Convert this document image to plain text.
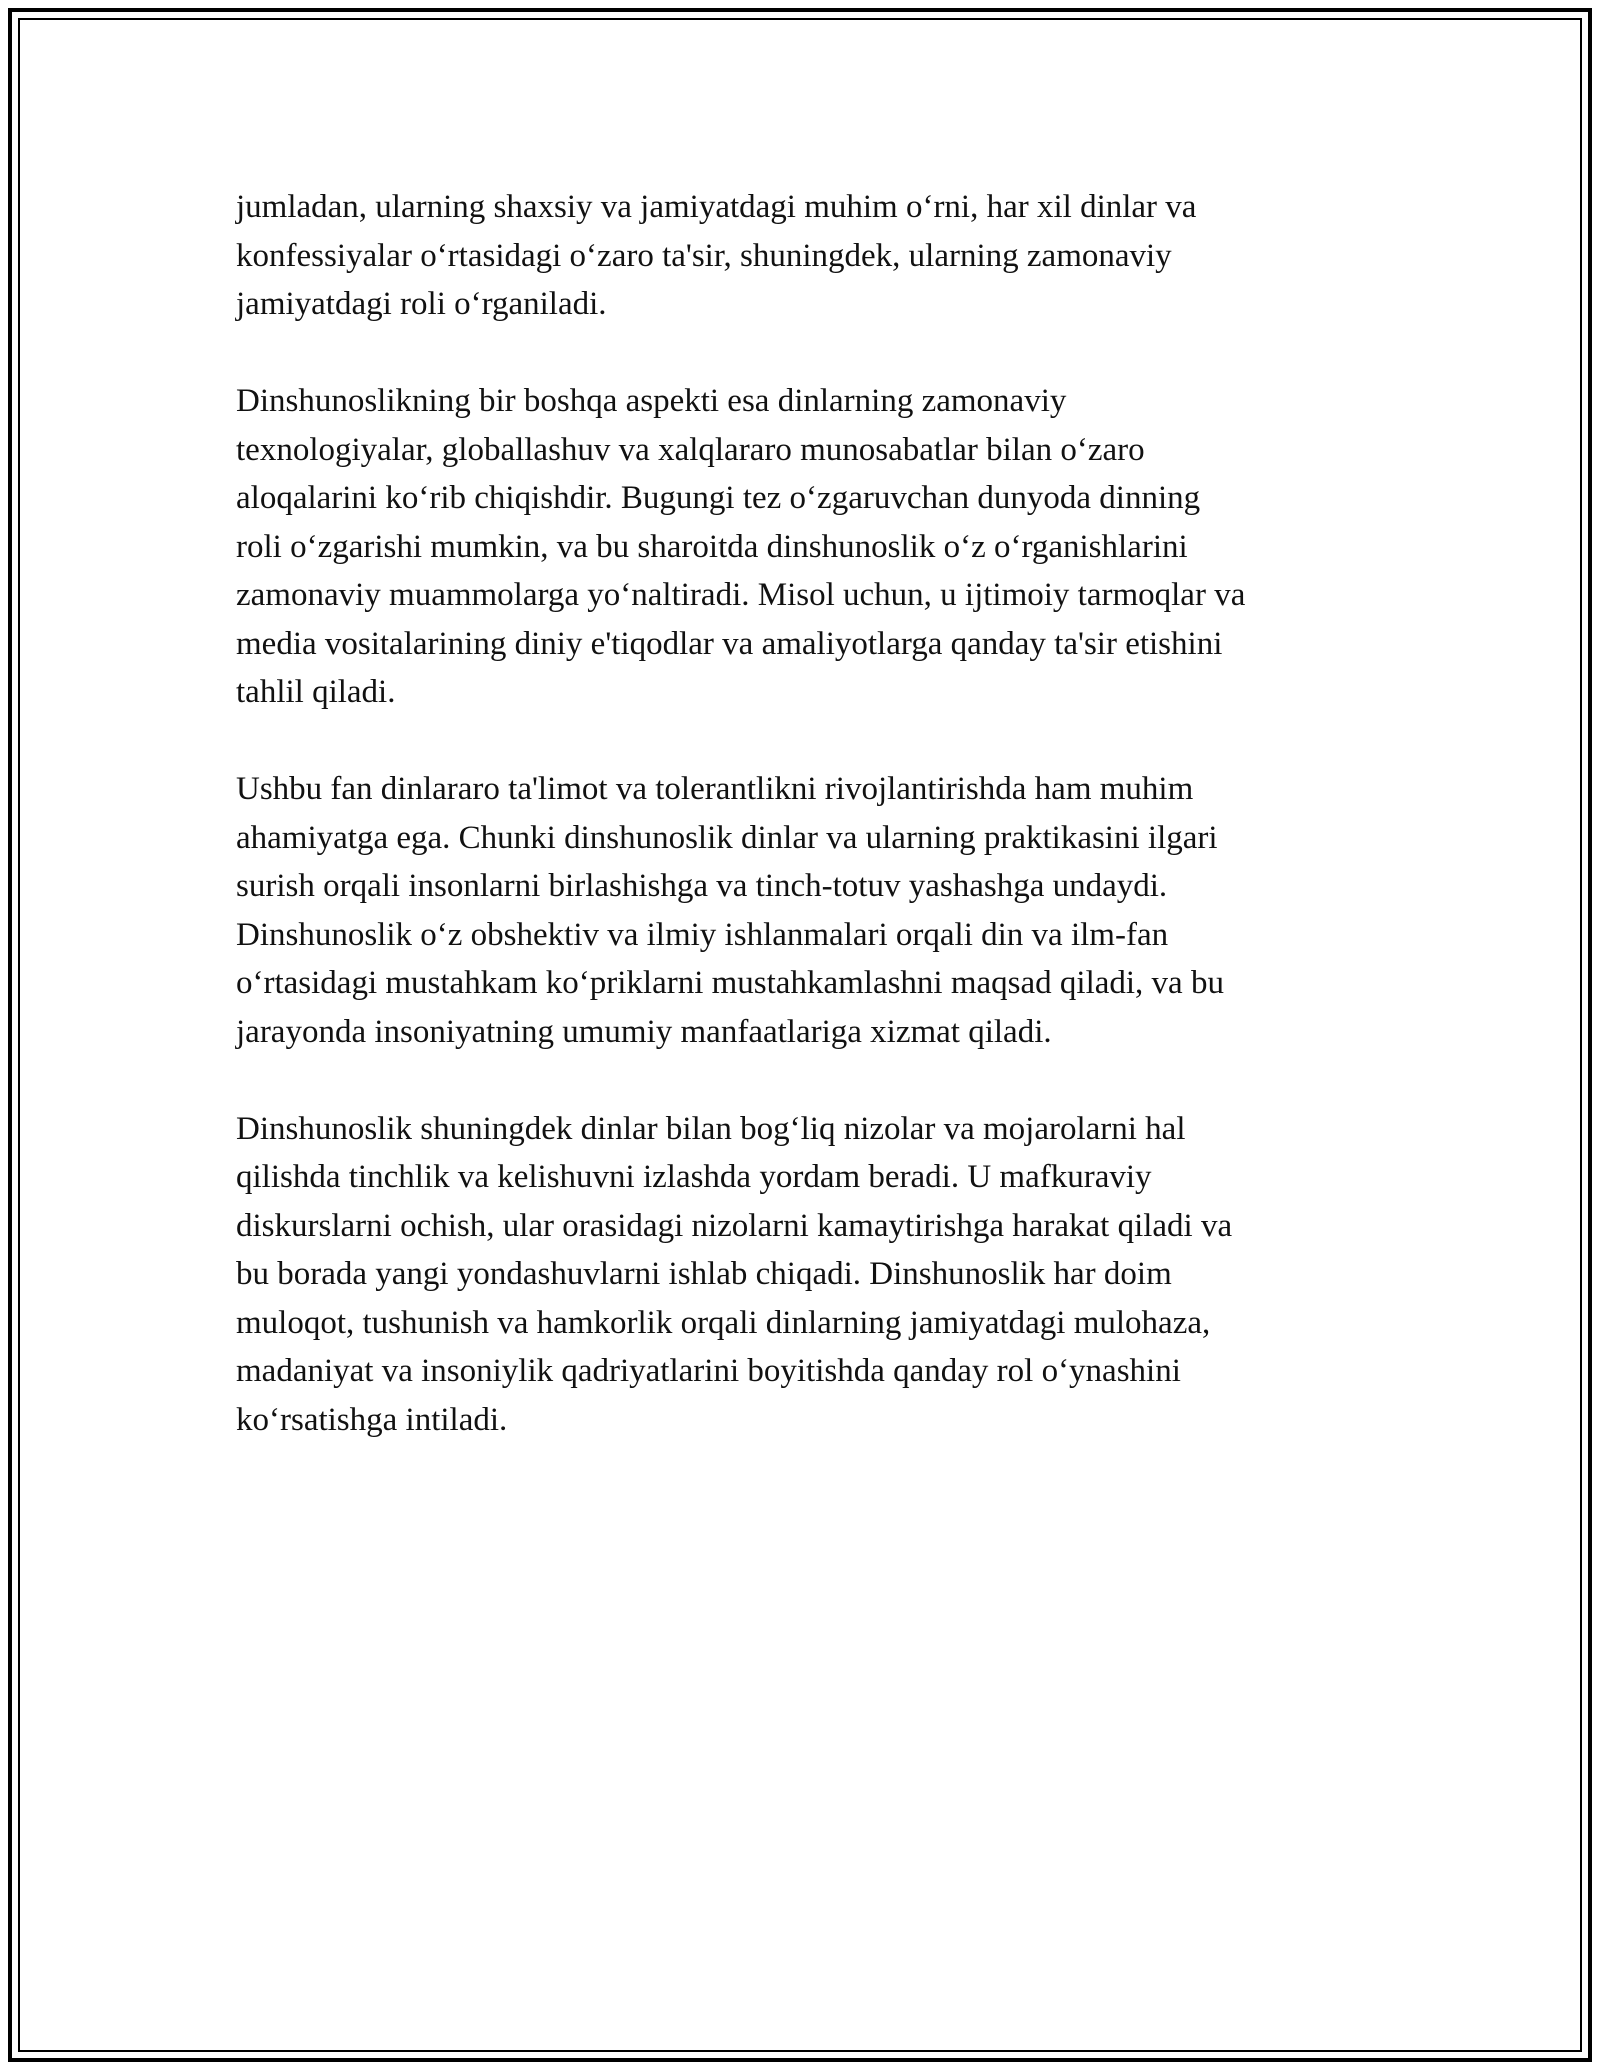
jumladan, ularning shaxsiy va jamiyatdagi muhim o‘rni, har xil dinlar va
konfessiyalar o‘rtasidagi o‘zaro ta'sir, shuningdek, ularning zamonaviy
jamiyatdagi roli o‘rganiladi.

Dinshunoslikning bir boshqa aspekti esa dinlarning zamonaviy
texnologiyalar, globallashuv va xalqlararo munosabatlar bilan o‘zaro
aloqalarini ko‘rib chiqishdir. Bugungi tez o‘zgaruvchan dunyoda dinning
roli o‘zgarishi mumkin, va bu sharoitda dinshunoslik o‘z o‘rganishlarini
zamonaviy muammolarga yo‘naltiradi. Misol uchun, u ijtimoiy tarmoqlar va
media vositalarining diniy e'tiqodlar va amaliyotlarga qanday ta'sir etishini
tahlil qiladi.

Ushbu fan dinlararo ta'limot va tolerantlikni rivojlantirishda ham muhim
ahamiyatga ega. Chunki dinshunoslik dinlar va ularning praktikasini ilgari
surish orqali insonlarni birlashishga va tinch-totuv yashashga undaydi.
Dinshunoslik o‘z obshektiv va ilmiy ishlanmalari orqali din va ilm-fan
o‘rtasidagi mustahkam ko‘priklarni mustahkamlashni maqsad qiladi, va bu
jarayonda insoniyatning umumiy manfaatlariga xizmat qiladi.

Dinshunoslik shuningdek dinlar bilan bog‘liq nizolar va mojarolarni hal
qilishda tinchlik va kelishuvni izlashda yordam beradi. U mafkuraviy
diskurslarni ochish, ular orasidagi nizolarni kamaytirishga harakat qiladi va
bu borada yangi yondashuvlarni ishlab chiqadi. Dinshunoslik har doim
muloqot, tushunish va hamkorlik orqali dinlarning jamiyatdagi mulohaza,
madaniyat va insoniylik qadriyatlarini boyitishda qanday rol o‘ynashini
ko‘rsatishga intiladi.
